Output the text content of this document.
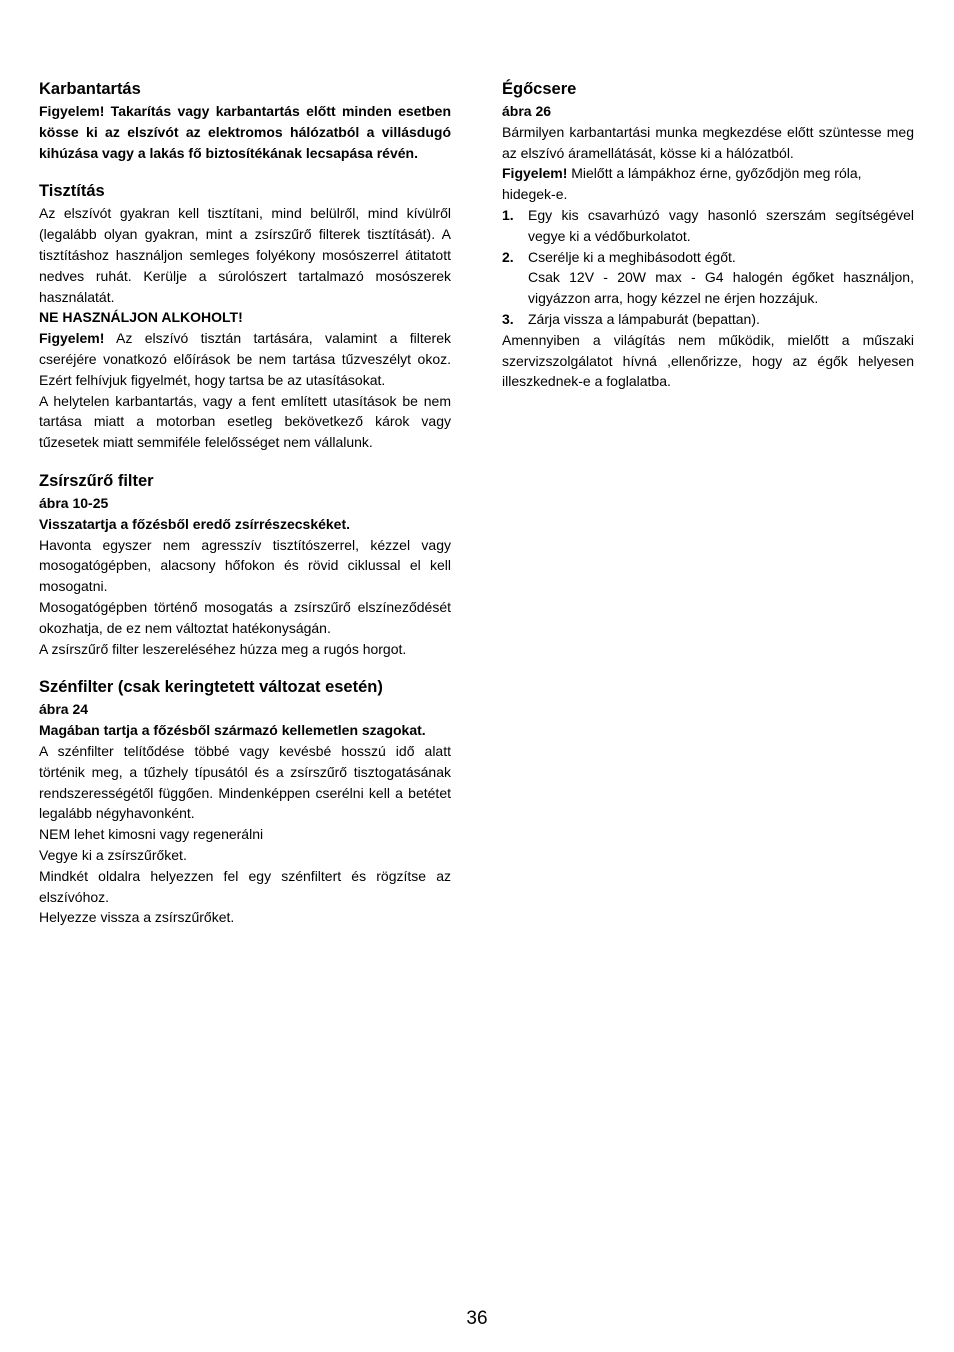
Karbantartás

Figyelem! Takarítás vagy karbantartás előtt minden esetben kösse ki az elszívót az elektromos hálózatból a villásdugó kihúzása vagy a lakás fő biztosítékának lecsapása révén.

Tisztítás

Az elszívót gyakran kell tisztítani, mind belülről, mind kívülről (legalább olyan gyakran, mint a zsírszűrő filterek tisztítását). A tisztításhoz használjon semleges folyékony mosószerrel átitatott nedves ruhát. Kerülje a súrolószert tartalmazó mosószerek használatát.

NE HASZNÁLJON ALKOHOLT!

Figyelem! Az elszívó tisztán tartására, valamint a filterek cseréjére vonatkozó előírások be nem tartása tűzveszélyt okoz. Ezért felhívjuk figyelmét, hogy tartsa be az utasításokat.

A helytelen karbantartás, vagy a fent említett utasítások be nem tartása miatt a motorban esetleg bekövetkező károk vagy tűzesetek miatt semmiféle felelősséget nem vállalunk.

Zsírszűrő filter

ábra 10-25

Visszatartja a főzésből eredő zsírrészecskéket.

Havonta egyszer nem agresszív tisztítószerrel, kézzel vagy mosogatógépben, alacsony hőfokon és rövid ciklussal el kell mosogatni.

Mosogatógépben történő mosogatás a zsírszűrő elszíneződését okozhatja, de ez nem változtat hatékonyságán.

A zsírszűrő filter leszereléséhez húzza meg a rugós horgot.

Szénfilter (csak keringtetett változat esetén)

ábra 24

Magában tartja a főzésből származó kellemetlen szagokat.

A szénfilter telítődése többé vagy kevésbé hosszú idő alatt történik meg, a tűzhely típusától és a zsírszűrő tisztogatásának rendszerességétől függően. Mindenképpen cserélni kell a betétet legalább négyhavonként.

NEM lehet kimosni vagy regenerálni

Vegye ki a zsírszűrőket.

Mindkét oldalra helyezzen fel egy szénfiltert és rögzítse az elszívóhoz.

Helyezze vissza a zsírszűrőket.

Égőcsere

ábra 26

Bármilyen karbantartási munka megkezdése előtt szüntesse meg az elszívó áramellátását, kösse ki a hálózatból.

Figyelem! Mielőtt a lámpákhoz érne, győződjön meg róla, hidegek-e.

1. Egy kis csavarhúzó vagy hasonló szerszám segítségével vegye ki a védőburkolatot.
2. Cserélje ki a meghibásodott égőt.
Csak 12V - 20W max - G4 halogén égőket használjon, vigyázzon arra, hogy kézzel ne érjen hozzájuk.
3. Zárja vissza a lámpaburát (bepattan).

Amennyiben a világítás nem működik, mielőtt a műszaki szervizszolgálatot hívná ,ellenőrizze, hogy az égők helyesen illeszkednek-e a foglalatba.

36
